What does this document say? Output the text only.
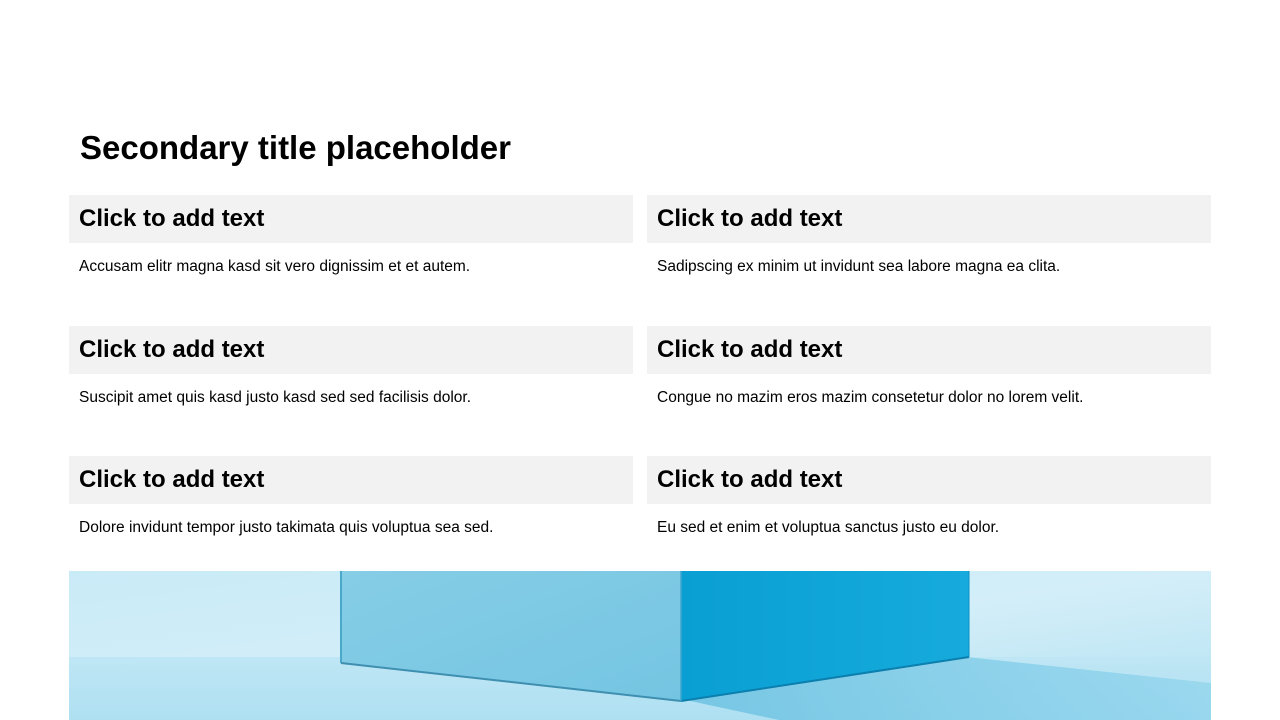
Secondary title placeholder
Click to add text
Accusam elitr magna kasd sit vero dignissim et et autem.
Click to add text
Sadipscing ex minim ut invidunt sea labore magna ea clita.
Click to add text
Suscipit amet quis kasd justo kasd sed sed facilisis dolor.
Click to add text
Congue no mazim eros mazim consetetur dolor no lorem velit.
Click to add text
Dolore invidunt tempor justo takimata quis voluptua sea sed.
Click to add text
Eu sed et enim et voluptua sanctus justo eu dolor.
